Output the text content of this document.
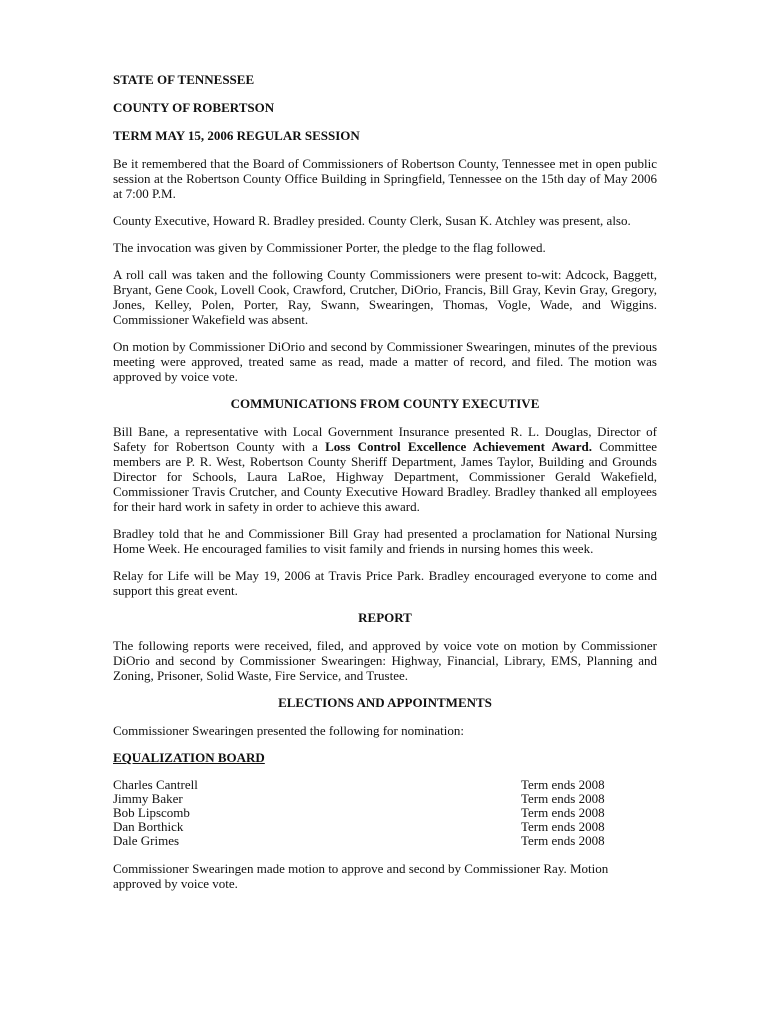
STATE OF TENNESSEE
COUNTY OF ROBERTSON
TERM MAY 15, 2006 REGULAR SESSION

Be it remembered that the Board of Commissioners of Robertson County, Tennessee met in open public session at the Robertson County Office Building in Springfield, Tennessee on the 15th day of May 2006 at 7:00 P.M.

County Executive, Howard R. Bradley presided. County Clerk, Susan K. Atchley was present, also.

The invocation was given by Commissioner Porter, the pledge to the flag followed.

A roll call was taken and the following County Commissioners were present to-wit: Adcock, Baggett, Bryant, Gene Cook, Lovell Cook, Crawford, Crutcher, DiOrio, Francis, Bill Gray, Kevin Gray, Gregory, Jones, Kelley, Polen, Porter, Ray, Swann, Swearingen, Thomas, Vogle, Wade, and Wiggins. Commissioner Wakefield was absent.

On motion by Commissioner DiOrio and second by Commissioner Swearingen, minutes of the previous meeting were approved, treated same as read, made a matter of record, and filed. The motion was approved by voice vote.

COMMUNICATIONS FROM COUNTY EXECUTIVE

Bill Bane, a representative with Local Government Insurance presented R. L. Douglas, Director of Safety for Robertson County with a Loss Control Excellence Achievement Award. Committee members are P. R. West, Robertson County Sheriff Department, James Taylor, Building and Grounds Director for Schools, Laura LaRoe, Highway Department, Commissioner Gerald Wakefield, Commissioner Travis Crutcher, and County Executive Howard Bradley. Bradley thanked all employees for their hard work in safety in order to achieve this award.

Bradley told that he and Commissioner Bill Gray had presented a proclamation for National Nursing Home Week. He encouraged families to visit family and friends in nursing homes this week.

Relay for Life will be May 19, 2006 at Travis Price Park. Bradley encouraged everyone to come and support this great event.

REPORT

The following reports were received, filed, and approved by voice vote on motion by Commissioner DiOrio and second by Commissioner Swearingen: Highway, Financial, Library, EMS, Planning and Zoning, Prisoner, Solid Waste, Fire Service, and Trustee.

ELECTIONS AND APPOINTMENTS

Commissioner Swearingen presented the following for nomination:

EQUALIZATION BOARD
Charles Cantrell	Term ends 2008
Jimmy Baker	Term ends 2008
Bob Lipscomb	Term ends 2008
Dan Borthick	Term ends 2008
Dale Grimes	Term ends 2008

Commissioner Swearingen made motion to approve and second by Commissioner Ray. Motion approved by voice vote.
